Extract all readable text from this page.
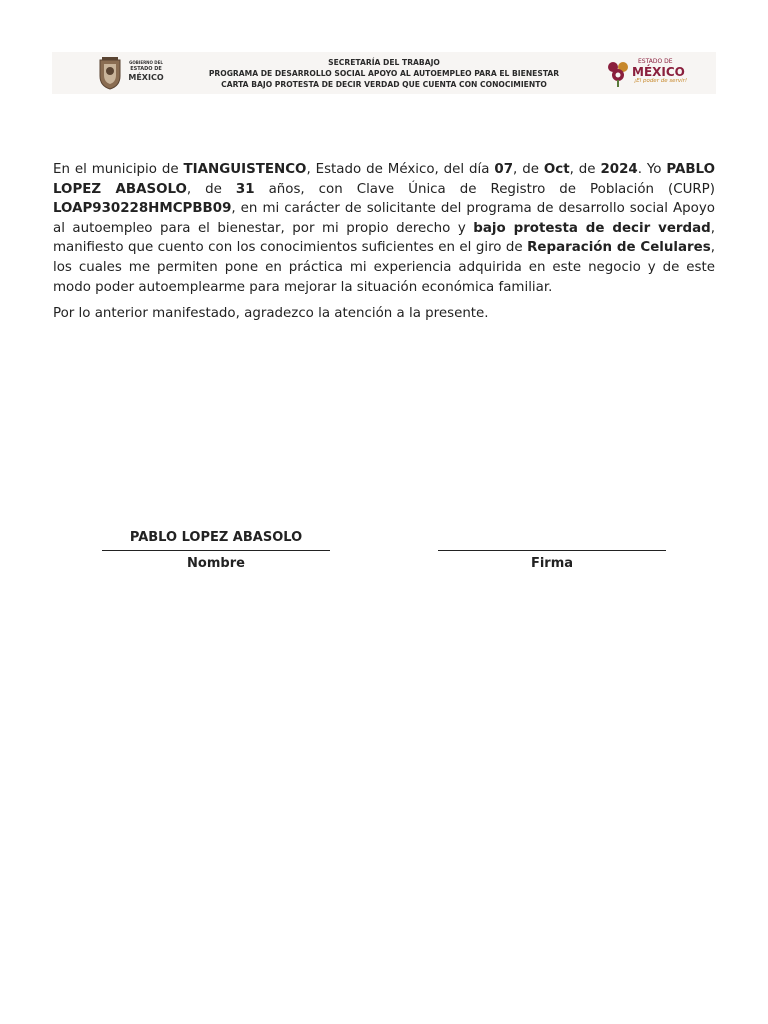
GOBIERNO DEL
ESTADO DE
MÉXICO
SECRETARÍA DEL TRABAJO
PROGRAMA DE DESARROLLO SOCIAL APOYO AL AUTOEMPLEO PARA EL BIENESTAR
CARTA BAJO PROTESTA DE DECIR VERDAD QUE CUENTA CON CONOCIMIENTO
ESTADO DE
MÉXICO
¡El poder de servir!

En el municipio de TIANGUISTENCO, Estado de México, del día 07, de Oct, de 2024. Yo PABLO LOPEZ ABASOLO, de 31 años, con Clave Única de Registro de Población (CURP) LOAP930228HMCPBB09, en mi carácter de solicitante del programa de desarrollo social Apoyo al autoempleo para el bienestar, por mi propio derecho y bajo protesta de decir verdad, manifiesto que cuento con los conocimientos suficientes en el giro de Reparación de Celulares, los cuales me permiten pone en práctica mi experiencia adquirida en este negocio y de este modo poder autoemplearme para mejorar la situación económica familiar.

Por lo anterior manifestado, agradezco la atención a la presente.

PABLO LOPEZ ABASOLO
Nombre	Firma
